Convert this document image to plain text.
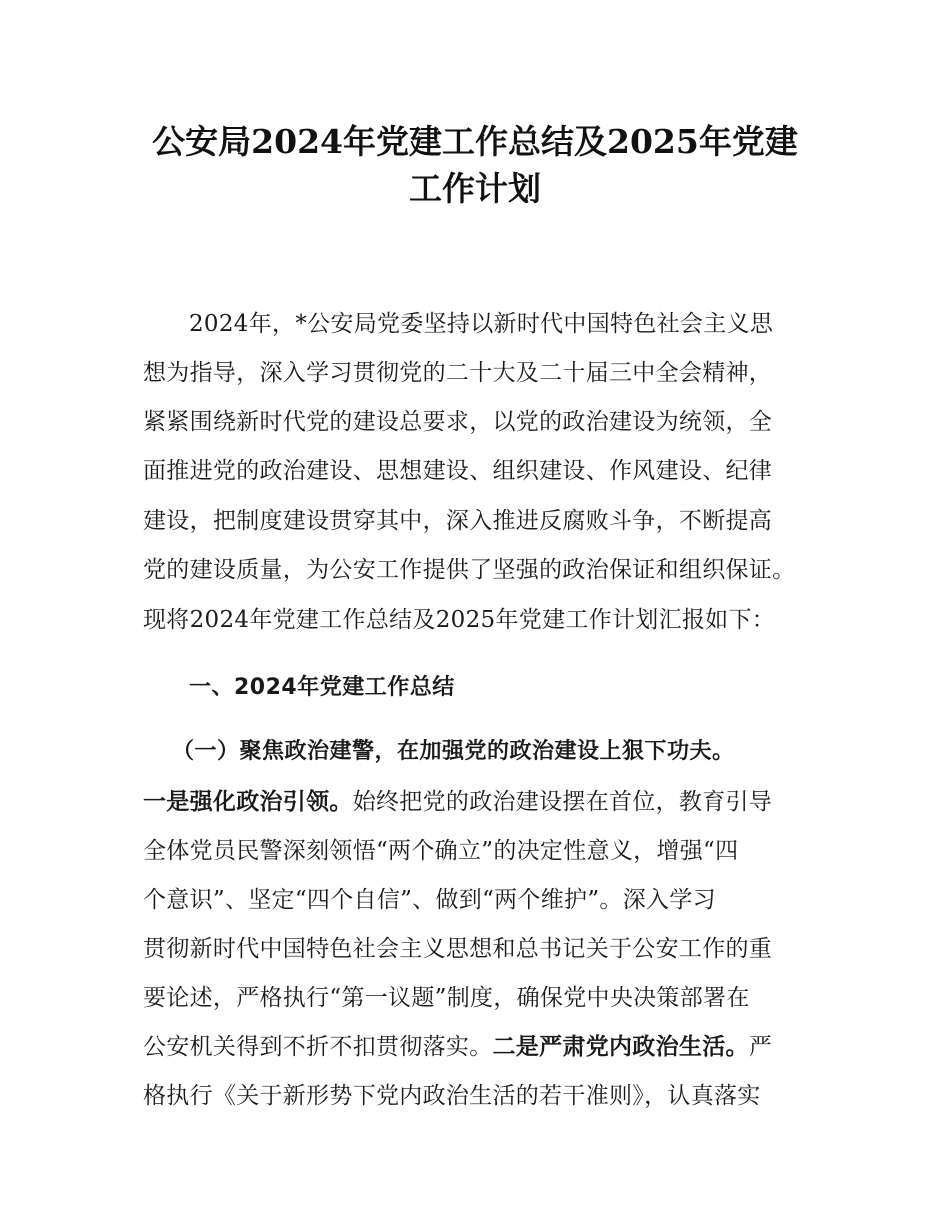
公安局2024年党建工作总结及2025年党建
工作计划
2024年，*公安局党委坚持以新时代中国特色社会主义思
想为指导，深入学习贯彻党的二十大及二十届三中全会精神，
紧紧围绕新时代党的建设总要求，以党的政治建设为统领，全
面推进党的政治建设、思想建设、组织建设、作风建设、纪律
建设，把制度建设贯穿其中，深入推进反腐败斗争，不断提高
党的建设质量，为公安工作提供了坚强的政治保证和组织保证。
现将2024年党建工作总结及2025年党建工作计划汇报如下：
一、2024年党建工作总结
（一）聚焦政治建警，在加强党的政治建设上狠下功夫。
一是强化政治引领。始终把党的政治建设摆在首位，教育引导
全体党员民警深刻领悟“两个确立”的决定性意义，增强“四
个意识”、坚定“四个自信”、做到“两个维护”。深入学习
贯彻新时代中国特色社会主义思想和总书记关于公安工作的重
要论述，严格执行“第一议题”制度，确保党中央决策部署在
公安机关得到不折不扣贯彻落实。二是严肃党内政治生活。严
格执行《关于新形势下党内政治生活的若干准则》，认真落实
